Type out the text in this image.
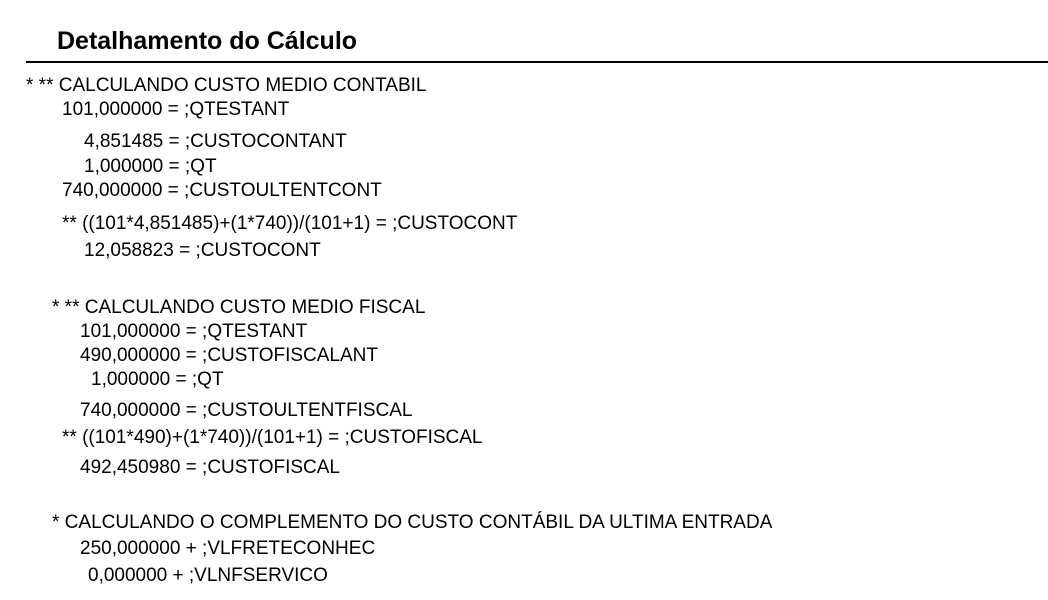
Detalhamento do Cálculo
* ** CALCULANDO CUSTO MEDIO CONTABIL
101,000000 = ;QTESTANT
4,851485 = ;CUSTOCONTANT
1,000000 = ;QT
740,000000 = ;CUSTOULTENTCONT
** ((101*4,851485)+(1*740))/(101+1) = ;CUSTOCONT
12,058823 = ;CUSTOCONT
* ** CALCULANDO CUSTO MEDIO FISCAL
101,000000 = ;QTESTANT
490,000000 = ;CUSTOFISCALANT
1,000000 = ;QT
740,000000 = ;CUSTOULTENTFISCAL
** ((101*490)+(1*740))/(101+1) = ;CUSTOFISCAL
492,450980 = ;CUSTOFISCAL
* CALCULANDO O COMPLEMENTO DO CUSTO CONTÁBIL DA ULTIMA ENTRADA
250,000000 + ;VLFRETECONHEC
0,000000 + ;VLNFSERVICO
